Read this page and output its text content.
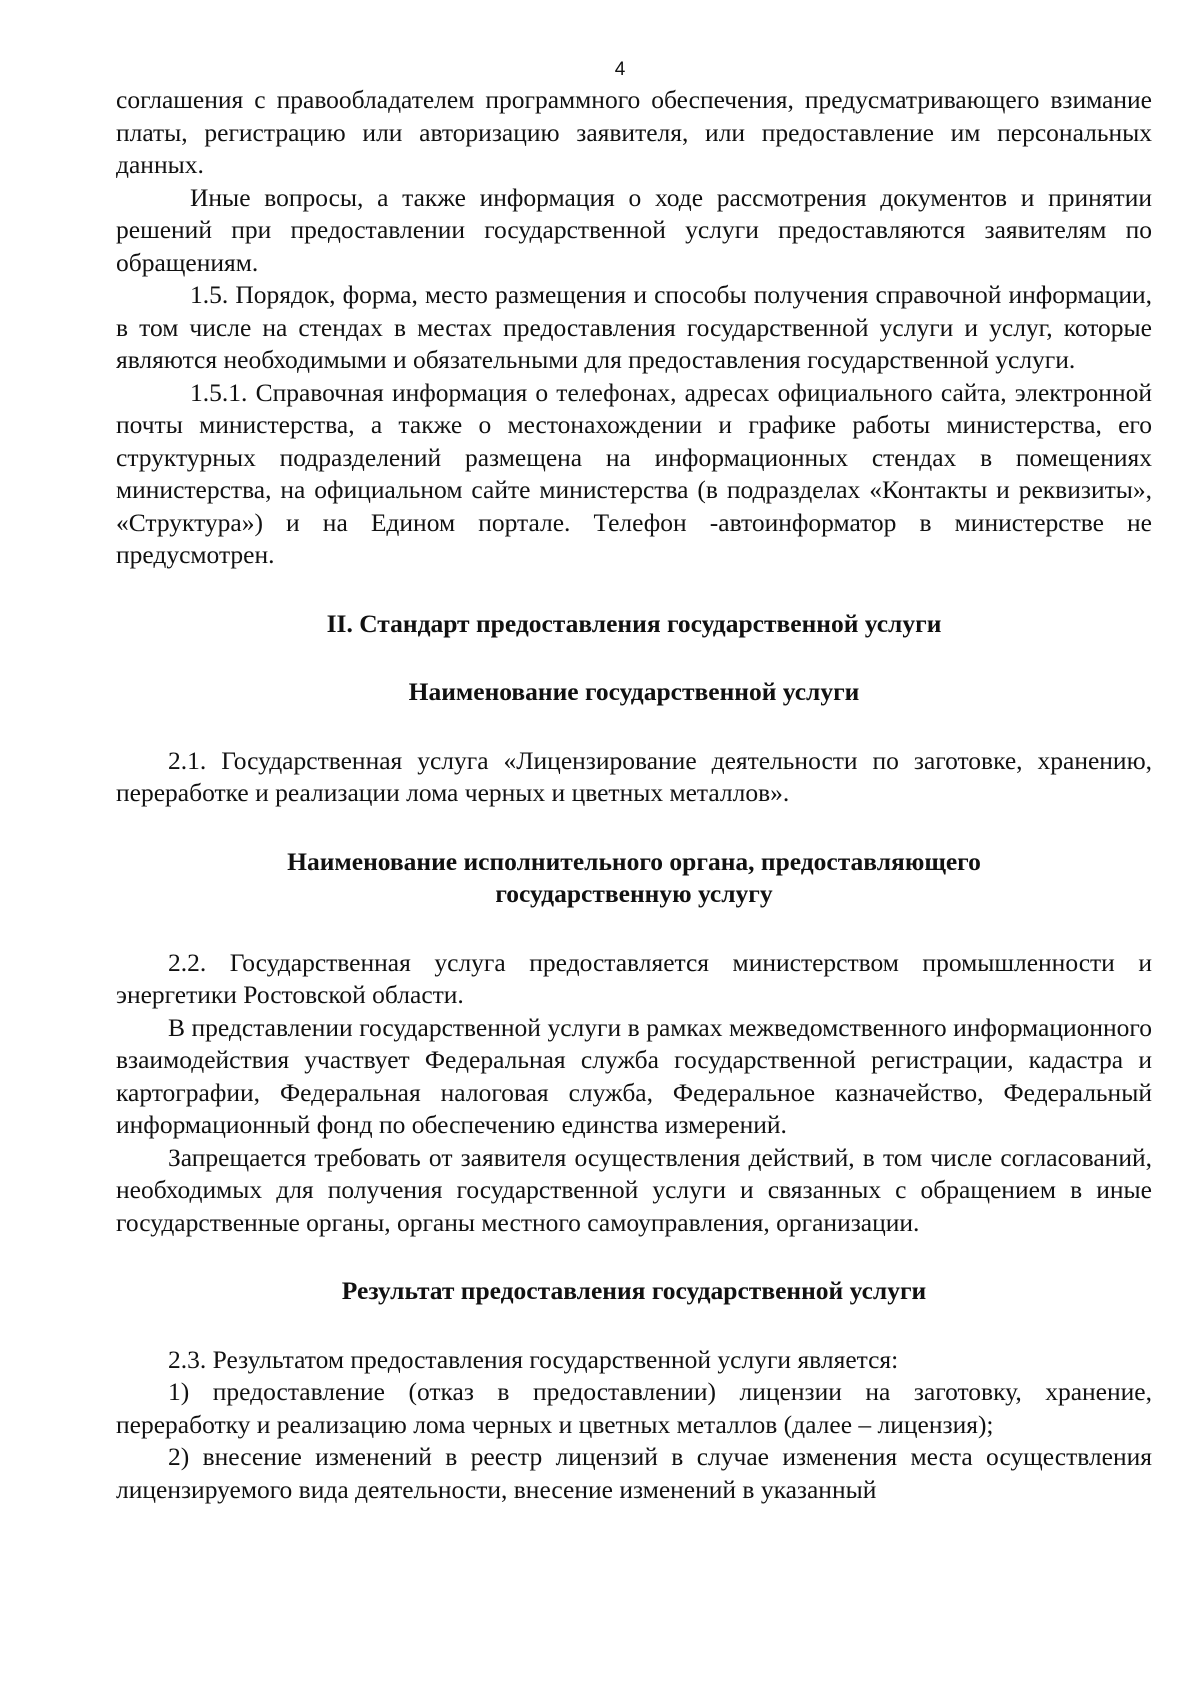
4

соглашения с правообладателем программного обеспечения, предусматривающего взимание платы, регистрацию или авторизацию заявителя, или предоставление им персональных данных.

Иные вопросы, а также информация о ходе рассмотрения документов и принятии решений при предоставлении государственной услуги предоставляются заявителям по обращениям.

1.5. Порядок, форма, место размещения и способы получения справочной информации, в том числе на стендах в местах предоставления государственной услуги и услуг, которые являются необходимыми и обязательными для предоставления государственной услуги.

1.5.1. Справочная информация о телефонах, адресах официального сайта, электронной почты министерства, а также о местонахождении и графике работы министерства, его структурных подразделений размещена на информационных стендах в помещениях министерства, на официальном сайте министерства (в подразделах «Контакты и реквизиты», «Структура») и на Едином портале. Телефон -автоинформатор в министерстве не предусмотрен.

II. Стандарт предоставления государственной услуги
Наименование государственной услуги

2.1. Государственная услуга «Лицензирование деятельности по заготовке, хранению, переработке и реализации лома черных и цветных металлов».

Наименование исполнительного органа, предоставляющего
государственную услугу

2.2. Государственная услуга предоставляется министерством промышленности и энергетики Ростовской области.

В представлении государственной услуги в рамках межведомственного информационного взаимодействия участвует Федеральная служба государственной регистрации, кадастра и картографии, Федеральная налоговая служба, Федеральное казначейство, Федеральный информационный фонд по обеспечению единства измерений.

Запрещается требовать от заявителя осуществления действий, в том числе согласований, необходимых для получения государственной услуги и связанных с обращением в иные государственные органы, органы местного самоуправления, организации.

Результат предоставления государственной услуги

2.3. Результатом предоставления государственной услуги является:

1) предоставление (отказ в предоставлении) лицензии на заготовку, хранение, переработку и реализацию лома черных и цветных металлов (далее – лицензия);

2) внесение изменений в реестр лицензий в случае изменения места осуществления лицензируемого вида деятельности, внесение изменений в указанный
